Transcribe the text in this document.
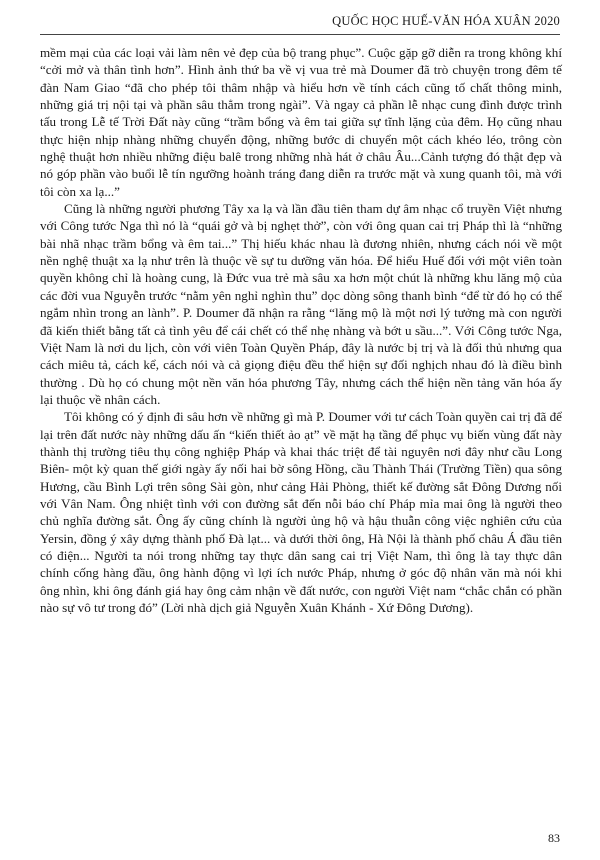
QUỐC HỌC HUẾ-VĂN HÓA XUÂN 2020

mềm mại của các loại vải làm nên vẻ đẹp của bộ trang phục”. Cuộc gặp gỡ diễn ra trong không khí “cởi mở và thân tình hơn”. Hình ảnh thứ ba về vị vua trẻ mà Doumer đã trò chuyện trong đêm tế đàn Nam Giao “đã cho phép tôi thâm nhập và hiểu hơn về tính cách cũng tố chất thông minh, những giá trị nội tại và phần sâu thẳm trong ngài”. Và ngay cả phần lễ nhạc cung đình được trình tấu trong Lễ tế Trời Đất này cũng “trầm bổng và êm tai giữa sự tĩnh lặng của đêm. Họ cũng nhau thực hiện nhịp nhàng những chuyển động, những bước di chuyển một cách khéo léo, trông còn nghệ thuật hơn nhiều những điệu balê trong những nhà hát ở châu Âu...Cảnh tượng đó thật đẹp và nó góp phần vào buổi lễ tín ngưỡng hoành tráng đang diễn ra trước mặt và xung quanh tôi, mà với tôi còn xa lạ...”

Cũng là những người phương Tây xa lạ và lần đầu tiên tham dự âm nhạc cổ truyền Việt nhưng với Công tước Nga thì nó là “quái gở và bị nghẹt thở”, còn với ông quan cai trị Pháp thì là “những bài nhã nhạc trầm bổng và êm tai...” Thị hiếu khác nhau là đương nhiên, nhưng cách nói về một nền nghệ thuật xa lạ như trên là thuộc về sự tu dưỡng văn hóa. Để hiểu Huế đối với một viên toàn quyền không chỉ là hoàng cung, là Đức vua trẻ mà sâu xa hơn một chút là những khu lăng mộ của các đời vua Nguyễn trước “nằm yên nghỉ nghìn thu” dọc dòng sông thanh bình “để từ đó họ có thể ngắm nhìn trong an lành”. P. Doumer đã nhận ra rằng “lăng mộ là một nơi lý tưởng mà con người đã kiến thiết bằng tất cả tình yêu để cái chết có thể nhẹ nhàng và bớt u sầu...”. Với Công tước Nga, Việt Nam là nơi du lịch, còn với viên Toàn Quyền Pháp, đây là nước bị trị và là đối thủ nhưng qua cách miêu tả, cách kể, cách nói và cả giọng điệu đều thể hiện sự đối nghịch nhau đó là điều bình thường . Dù họ có chung một nền văn hóa phương Tây, nhưng cách thể hiện nền tảng văn hóa ấy lại thuộc về nhân cách.

Tôi không có ý định đi sâu hơn về những gì mà P. Doumer với tư cách Toàn quyền cai trị đã để lại trên đất nước này những dấu ấn “kiến thiết ảo ạt” về mặt hạ tầng để phục vụ biến vùng đất này thành thị trường tiêu thụ công nghiệp Pháp và khai thác triệt để tài nguyên nơi đây như cầu Long Biên- một kỳ quan thế giới ngày ấy nối hai bờ sông Hồng, cầu Thành Thái (Trường Tiền) qua sông Hương, cầu Bình Lợi trên sông Sài gòn, như cảng Hải Phòng, thiết kế đường sắt Đông Dương nối với Vân Nam. Ông nhiệt tình với con đường sắt đến nỗi báo chí Pháp mỉa mai ông là người theo chủ nghĩa đường sắt. Ông ấy cũng chính là người ủng hộ và hậu thuẫn công việc nghiên cứu của Yersin, đồng ý xây dựng thành phố Đà lạt... và dưới thời ông, Hà Nội là thành phố châu Á đầu tiên có điện... Người ta nói trong những tay thực dân sang cai trị Việt Nam, thì ông là tay thực dân chính cống hàng đầu, ông hành động vì lợi ích nước Pháp, nhưng ở góc độ nhân văn mà nói khi ông nhìn, khi ông đánh giá hay ông cảm nhận về đất nước, con người Việt nam “chắc chắn có phần nào sự vô tư trong đó” (Lời nhà dịch giả Nguyễn Xuân Khánh - Xứ Đông Dương).

83
